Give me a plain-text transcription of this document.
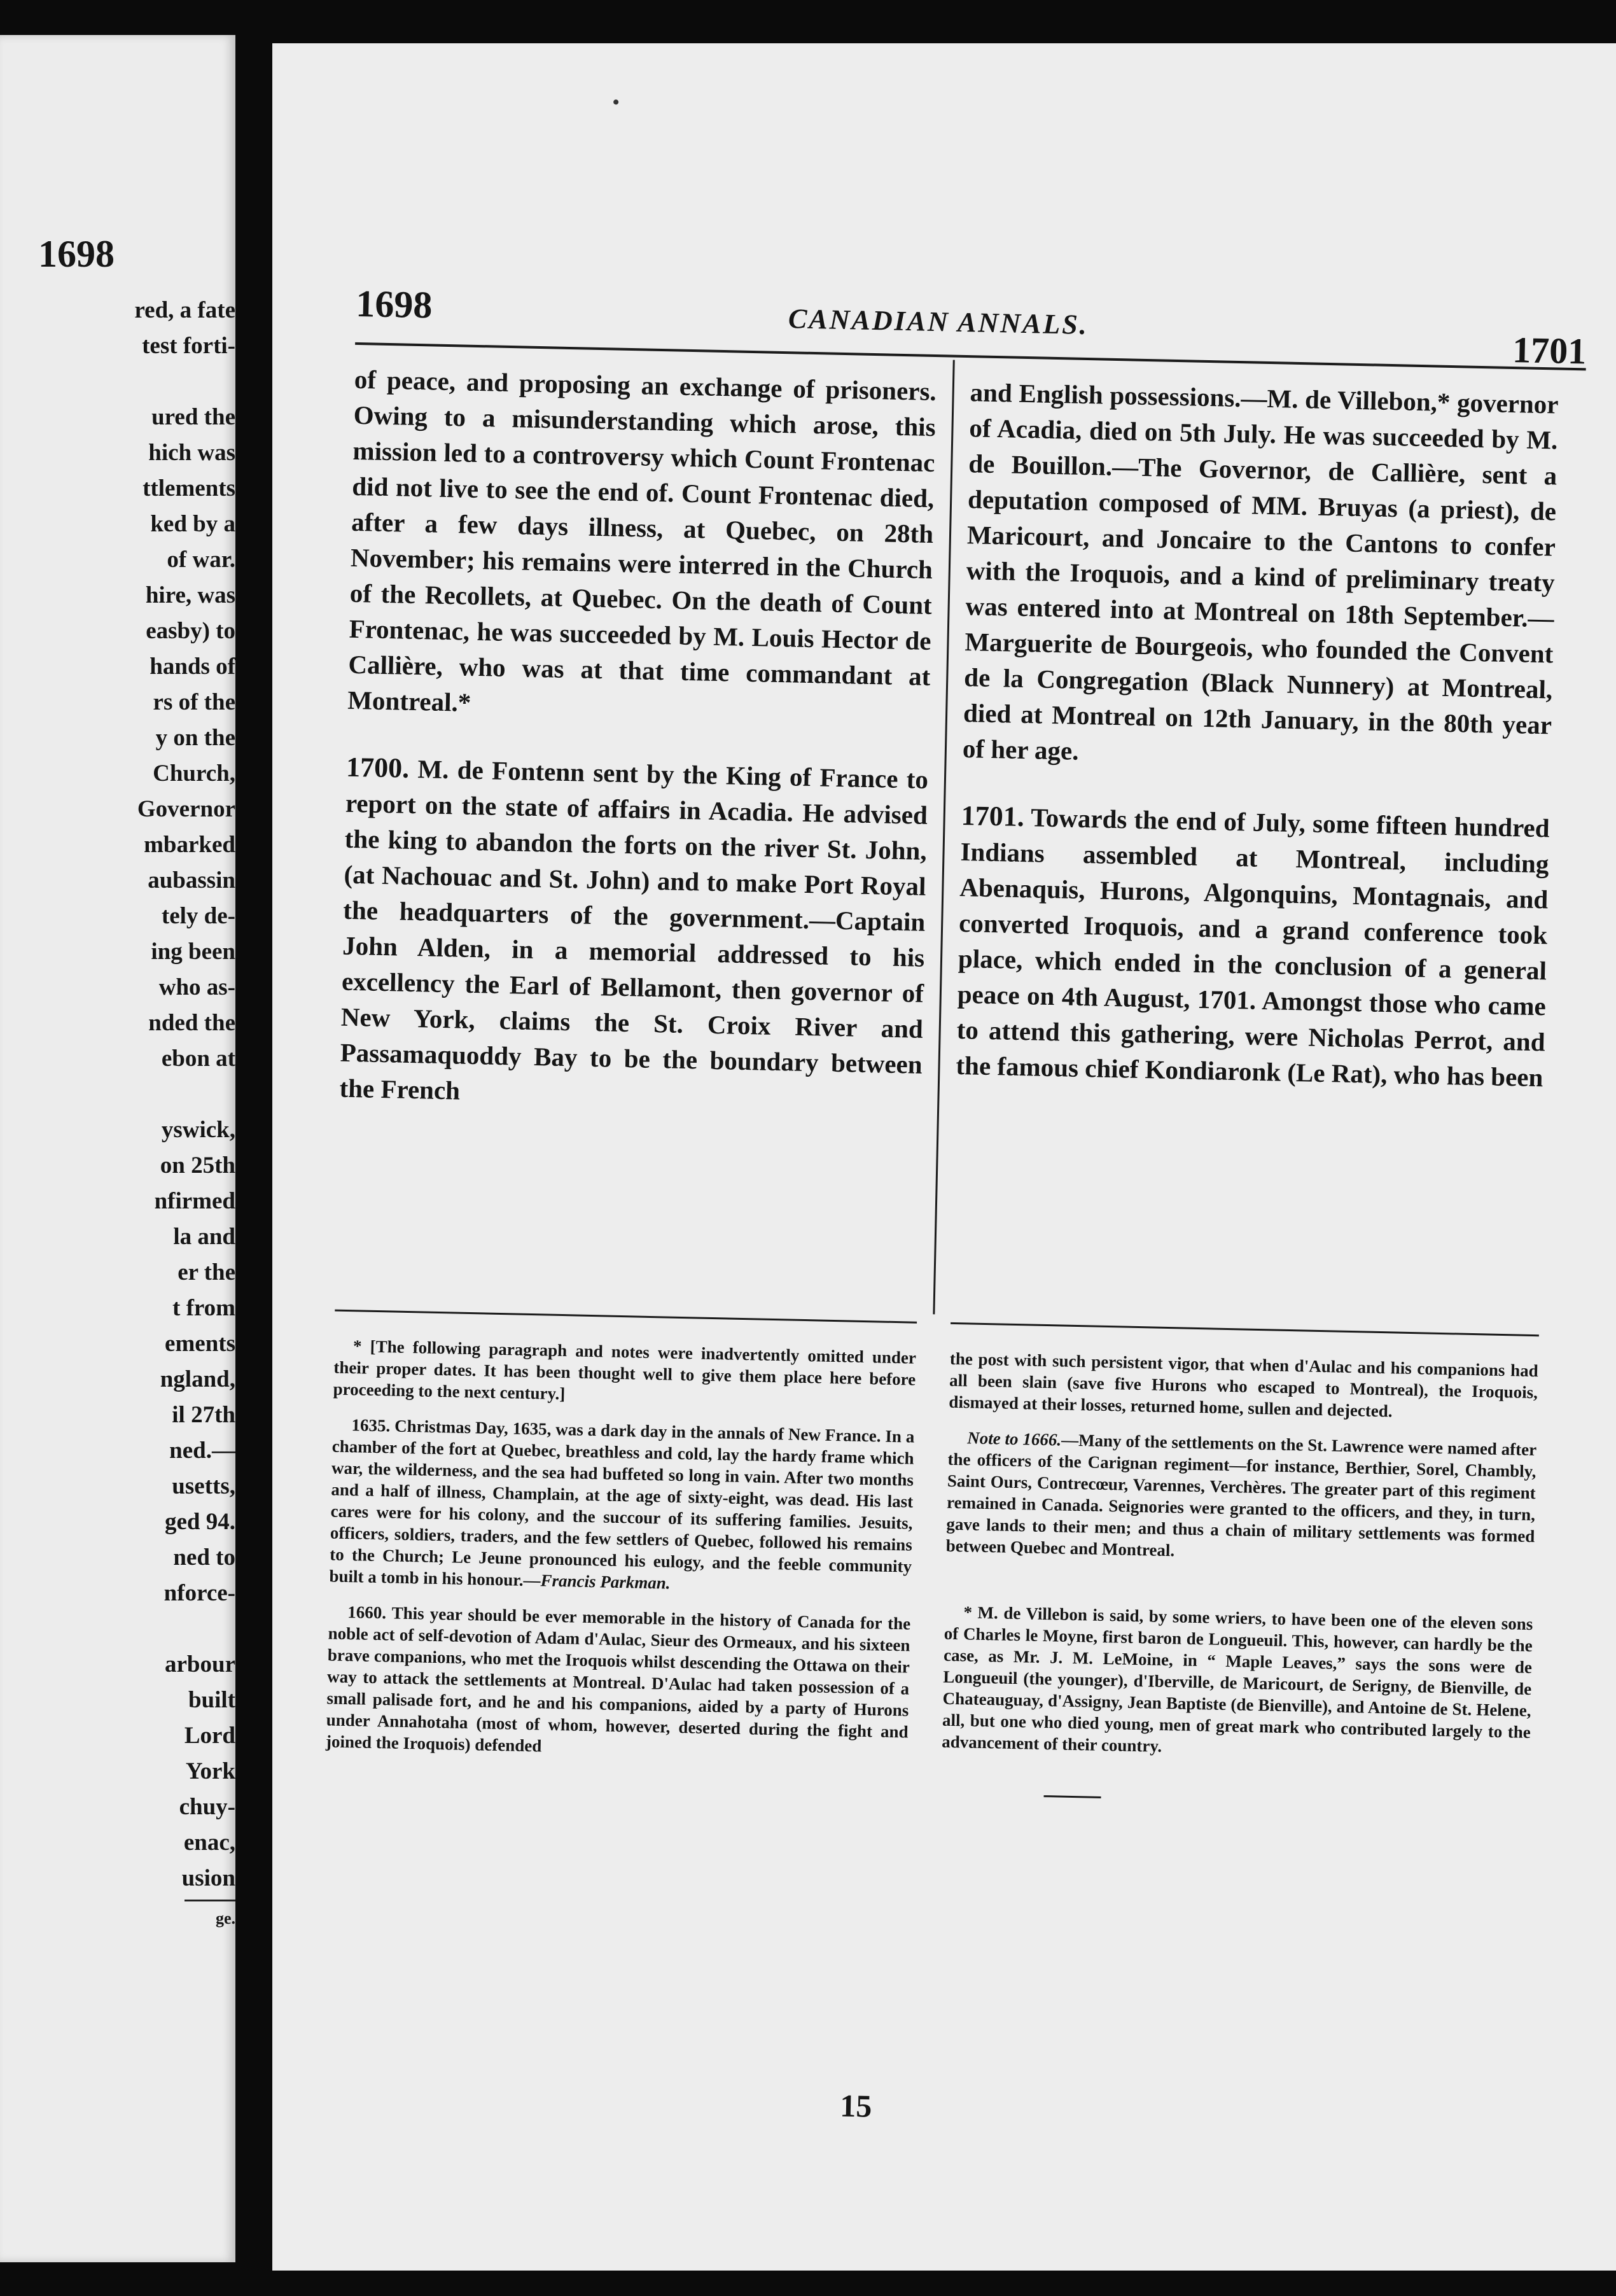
1698
red, a fate
test forti-
ured the
hich was
ttlements
ked by a
of war.
hire, was
easby) to
hands of
rs of the
y on the
Church,
Governor
mbarked
aubassin
tely de-
ing been
who as-
nded the
ebon at
yswick,
on 25th
nfirmed
la and
er the
t from
ements
ngland,
il 27th
ned.—
usetts,
ged 94.
ned to
nforce-
arbour
built
Lord
York
chuy-
enac,
usion
ge.
1698	CANADIAN ANNALS.
1701

of peace, and proposing an exchange of prisoners. Owing to a misunderstanding which arose, this mission led to a controversy which Count Frontenac did not live to see the end of. Count Frontenac died, after a few days illness, at Quebec, on 28th November; his remains were interred in the Church of the Recollets, at Quebec. On the death of Count Frontenac, he was succeeded by M. Louis Hector de Callière, who was at that time commandant at Montreal.*

1700. M. de Fontenn sent by the King of France to report on the state of affairs in Acadia. He advised the king to abandon the forts on the river St. John, (at Nachouac and St. John) and to make Port Royal the headquarters of the government.—Captain John Alden, in a memorial addressed to his excellency the Earl of Bellamont, then governor of New York, claims the St. Croix River and Passamaquoddy Bay to be the boundary between the French

and English possessions.—M. de Villebon,* governor of Acadia, died on 5th July. He was succeeded by M. de Bouillon.—The Governor, de Callière, sent a deputation composed of MM. Bruyas (a priest), de Maricourt, and Joncaire to the Cantons to confer with the Iroquois, and a kind of preliminary treaty was entered into at Montreal on 18th September.—Marguerite de Bourgeois, who founded the Convent de la Congregation (Black Nunnery) at Montreal, died at Montreal on 12th January, in the 80th year of her age.

1701. Towards the end of July, some fifteen hundred Indians assembled at Montreal, including Abenaquis, Hurons, Algonquins, Montagnais, and converted Iroquois, and a grand conference took place, which ended in the conclusion of a general peace on 4th August, 1701. Amongst those who came to attend this gathering, were Nicholas Perrot, and the famous chief Kondiaronk (Le Rat), who has been

* [The following paragraph and notes were inadvertently omitted under their proper dates. It has been thought well to give them place here before proceeding to the next century.]

1635. Christmas Day, 1635, was a dark day in the annals of New France. In a chamber of the fort at Quebec, breathless and cold, lay the hardy frame which war, the wilderness, and the sea had buffeted so long in vain. After two months and a half of illness, Champlain, at the age of sixty-eight, was dead. His last cares were for his colony, and the succour of its suffering families. Jesuits, officers, soldiers, traders, and the few settlers of Quebec, followed his remains to the Church; Le Jeune pronounced his eulogy, and the feeble community built a tomb in his honour.—Francis Parkman.

1660. This year should be ever memorable in the history of Canada for the noble act of self-devotion of Adam d'Aulac, Sieur des Ormeaux, and his sixteen brave companions, who met the Iroquois whilst descending the Ottawa on their way to attack the settlements at Montreal. D'Aulac had taken possession of a small palisade fort, and he and his companions, aided by a party of Hurons under Annahotaha (most of whom, however, deserted during the fight and joined the Iroquois) defended

the post with such persistent vigor, that when d'Aulac and his companions had all been slain (save five Hurons who escaped to Montreal), the Iroquois, dismayed at their losses, returned home, sullen and dejected.

Note to 1666.—Many of the settlements on the St. Lawrence were named after the officers of the Carignan regiment—for instance, Berthier, Sorel, Chambly, Saint Ours, Contrecœur, Varennes, Verchères. The greater part of this regiment remained in Canada. Seignories were granted to the officers, and they, in turn, gave lands to their men; and thus a chain of military settlements was formed between Quebec and Montreal.

* M. de Villebon is said, by some wriers, to have been one of the eleven sons of Charles le Moyne, first baron de Longueuil. This, however, can hardly be the case, as Mr. J. M. LeMoine, in “ Maple Leaves,” says the sons were de Longueuil (the younger), d'Iberville, de Maricourt, de Serigny, de Bienville, de Chateauguay, d'Assigny, Jean Baptiste (de Bienville), and Antoine de St. Helene, all, but one who died young, men of great mark who contributed largely to the advancement of their country.

15
